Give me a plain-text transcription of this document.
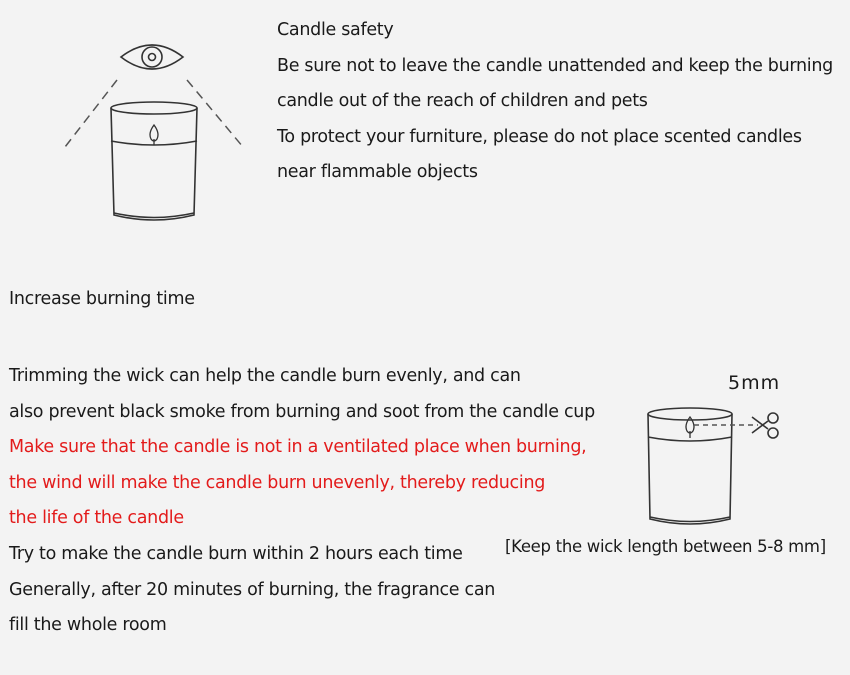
Candle safety
Be sure not to leave the candle unattended and keep the burning
candle out of the reach of children and pets
To protect your furniture, please do not place scented candles
near flammable objects
Increase burning time
Trimming the wick can help the candle burn evenly, and can
also prevent black smoke from burning and soot from the candle cup
Make sure that the candle is not in a ventilated place when burning,
the wind will make the candle burn unevenly, thereby reducing
the life of the candle
Try to make the candle burn within 2 hours each time
Generally, after 20 minutes of burning, the fragrance can
fill the whole room
5mm
[Keep the wick length between 5-8 mm]
